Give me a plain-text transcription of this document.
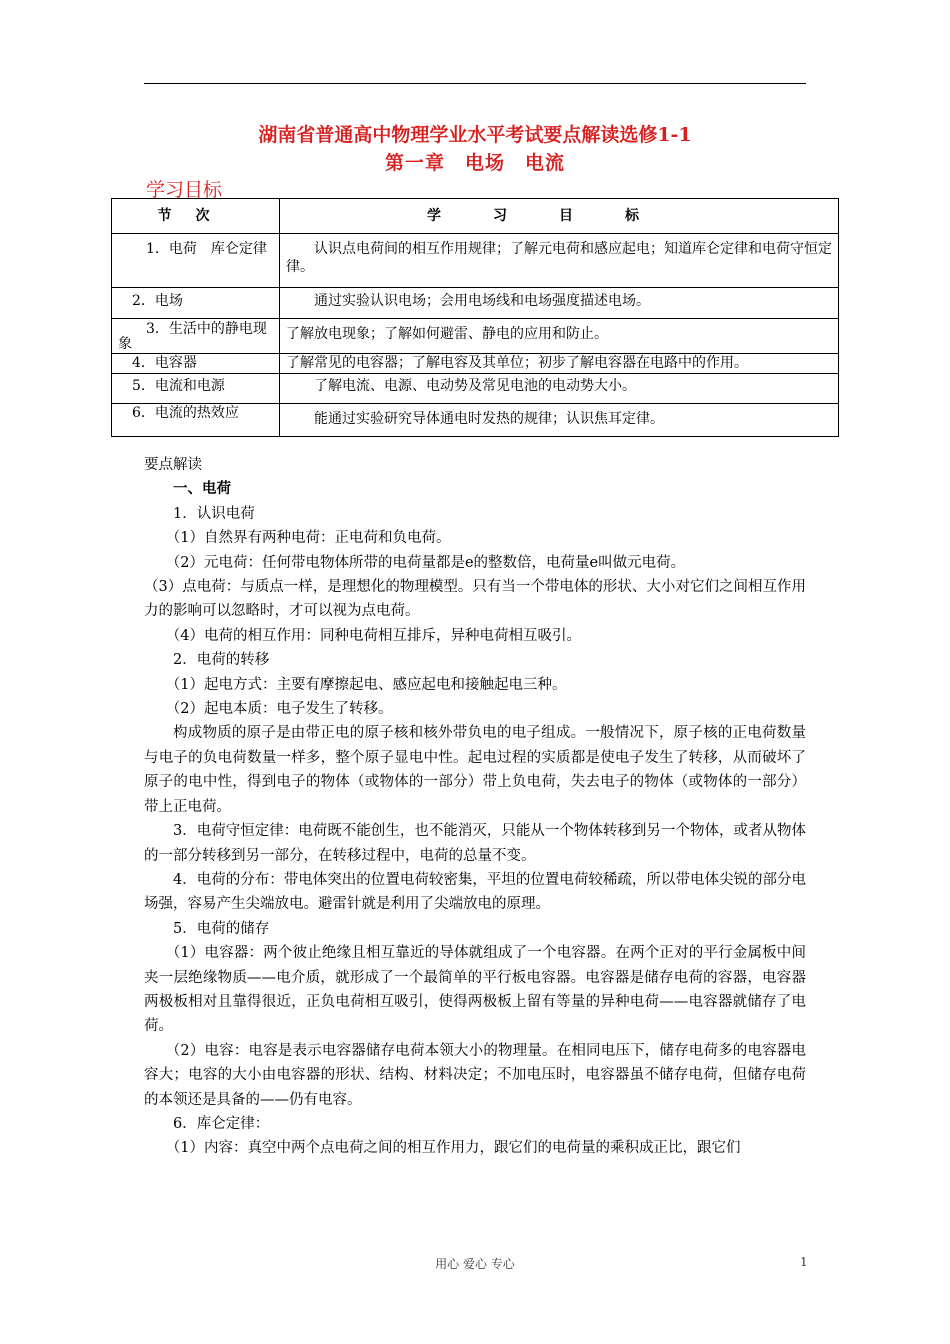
湖南省普通高中物理学业水平考试要点解读选修1-1
第一章　电场　电流
学习目标
节次	学习目标
　　1．电荷　库仑定律	　　认识点电荷间的相互作用规律；了解元电荷和感应起电；知道库仑定律和电荷守恒定律。
　2．电场	　　通过实验认识电场；会用电场线和电场强度描述电场。
　　3．生活中的静电现象	了解放电现象；了解如何避雷、静电的应用和防止。
　4．电容器	了解常见的电容器；了解电容及其单位；初步了解电容器在电路中的作用。
　5．电流和电源	　　了解电流、电源、电动势及常见电池的电动势大小。
　6．电流的热效应	　　能通过实验研究导体通电时发热的规律；认识焦耳定律。

要点解读

一、电荷

1．认识电荷

（1）自然界有两种电荷：正电荷和负电荷。

（2）元电荷：任何带电物体所带的电荷量都是e的整数倍，电荷量e叫做元电荷。

（3）点电荷：与质点一样，是理想化的物理模型。只有当一个带电体的形状、大小对它们之间相互作用力的影响可以忽略时，才可以视为点电荷。

（4）电荷的相互作用：同种电荷相互排斥，异种电荷相互吸引。

2．电荷的转移

（1）起电方式：主要有摩擦起电、感应起电和接触起电三种。

（2）起电本质：电子发生了转移。

构成物质的原子是由带正电的原子核和核外带负电的电子组成。一般情况下，原子核的正电荷数量与电子的负电荷数量一样多，整个原子显电中性。起电过程的实质都是使电子发生了转移，从而破坏了原子的电中性，得到电子的物体（或物体的一部分）带上负电荷，失去电子的物体（或物体的一部分）带上正电荷。

3．电荷守恒定律：电荷既不能创生，也不能消灭，只能从一个物体转移到另一个物体，或者从物体的一部分转移到另一部分，在转移过程中，电荷的总量不变。

4．电荷的分布：带电体突出的位置电荷较密集，平坦的位置电荷较稀疏，所以带电体尖锐的部分电场强，容易产生尖端放电。避雷针就是利用了尖端放电的原理。

5．电荷的储存

（1）电容器：两个彼止绝缘且相互靠近的导体就组成了一个电容器。在两个正对的平行金属板中间夹一层绝缘物质——电介质，就形成了一个最简单的平行板电容器。电容器是储存电荷的容器，电容器两极板相对且靠得很近，正负电荷相互吸引，使得两极板上留有等量的异种电荷——电容器就储存了电荷。

（2）电容：电容是表示电容器储存电荷本领大小的物理量。在相同电压下，储存电荷多的电容器电容大；电容的大小由电容器的形状、结构、材料决定；不加电压时，电容器虽不储存电荷，但储存电荷的本领还是具备的——仍有电容。

6．库仑定律：

（1）内容：真空中两个点电荷之间的相互作用力，跟它们的电荷量的乘积成正比，跟它们

用心 爱心 专心	1
